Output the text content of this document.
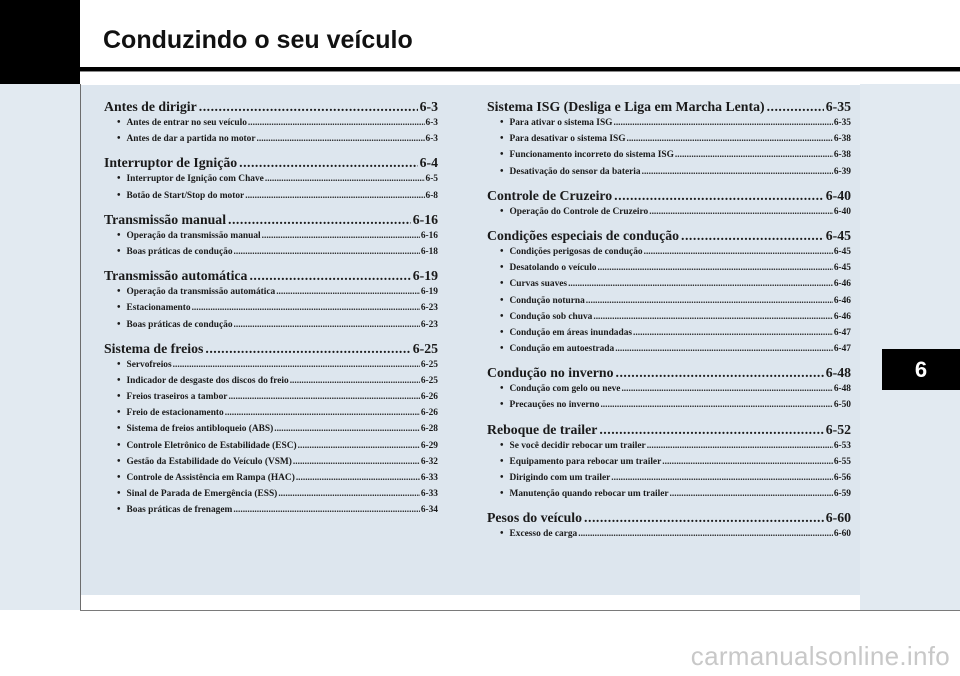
Conduzindo o seu veículo
6
Antes de dirigir .....	6-3
• Antes de entrar no seu veículo .....	6-3
• Antes de dar a partida no motor .....	6-3
Interruptor de Ignição .....	6-4
• Interruptor de Ignição com Chave .....	6-5
• Botão de Start/Stop do motor .....	6-8
Transmissão manual .....	6-16
• Operação da transmissão manual .....	6-16
• Boas práticas de condução .....	6-18
Transmissão automática .....	6-19
• Operação da transmissão automática .....	6-19
• Estacionamento .....	6-23
• Boas práticas de condução .....	6-23
Sistema de freios .....	6-25
• Servofreios .....	6-25
• Indicador de desgaste dos discos do freio .....	6-25
• Freios traseiros a tambor .....	6-26
• Freio de estacionamento .....	6-26
• Sistema de freios antibloqueio (ABS) .....	6-28
• Controle Eletrônico de Estabilidade (ESC) .....	6-29
• Gestão da Estabilidade do Veículo (VSM) .....	6-32
• Controle de Assistência em Rampa (HAC) .....	6-33
• Sinal de Parada de Emergência (ESS) .....	6-33
• Boas práticas de frenagem .....	6-34
Sistema ISG (Desliga e Liga em Marcha Lenta) .....	6-35
• Para ativar o sistema ISG .....	6-35
• Para desativar o sistema ISG .....	6-38
• Funcionamento incorreto do sistema ISG .....	6-38
• Desativação do sensor da bateria .....	6-39
Controle de Cruzeiro .....	6-40
• Operação do Controle de Cruzeiro .....	6-40
Condições especiais de condução .....	6-45
• Condições perigosas de condução .....	6-45
• Desatolando o veículo .....	6-45
• Curvas suaves .....	6-46
• Condução noturna .....	6-46
• Condução sob chuva .....	6-46
• Condução em áreas inundadas .....	6-47
• Condução em autoestrada .....	6-47
Condução no inverno .....	6-48
• Condução com gelo ou neve .....	6-48
• Precauções no inverno .....	6-50
Reboque de trailer .....	6-52
• Se você decidir rebocar um trailer .....	6-53
• Equipamento para rebocar um trailer .....	6-55
• Dirigindo com um trailer .....	6-56
• Manutenção quando rebocar um trailer .....	6-59
Pesos do veículo .....	6-60
• Excesso de carga .....	6-60
carmanualsonline.info
